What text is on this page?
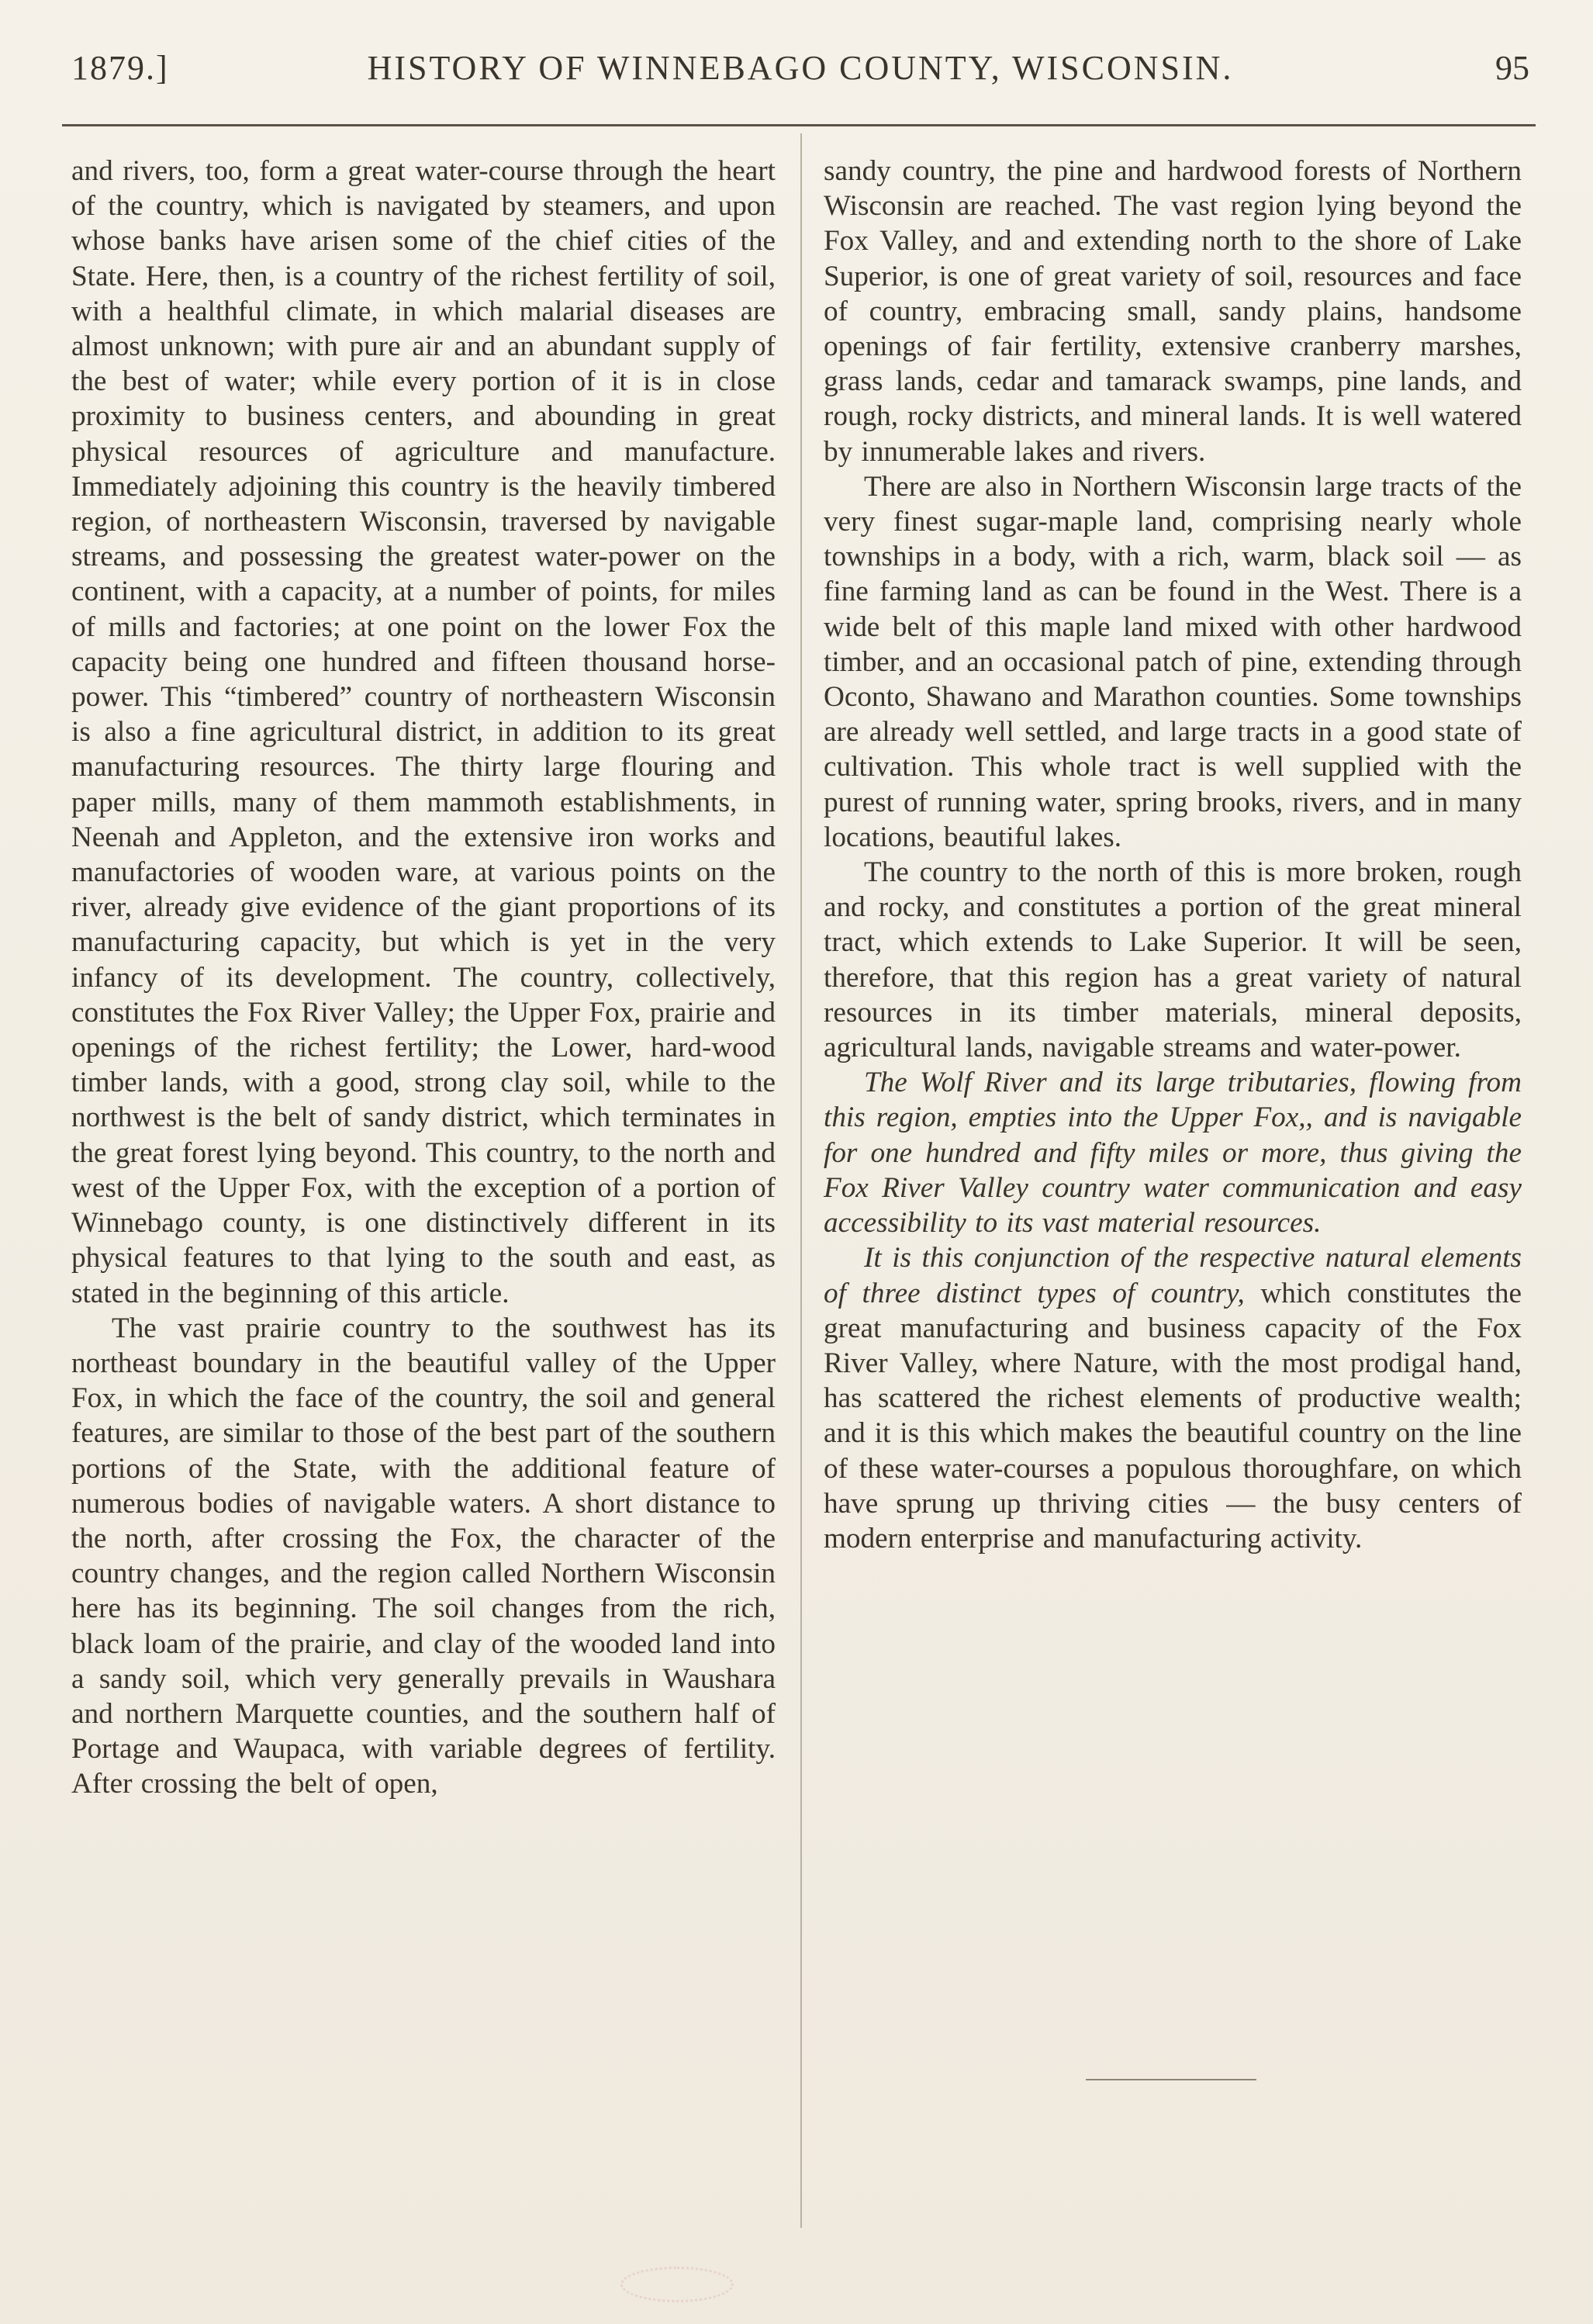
1879.]	HISTORY OF WINNEBAGO COUNTY, WISCONSIN.	95

and rivers, too, form a great water-course through the heart of the country, which is navigated by steamers, and upon whose banks have arisen some of the chief cities of the State. Here, then, is a country of the richest fertility of soil, with a healthful climate, in which malarial diseases are almost unknown; with pure air and an abundant supply of the best of water; while every portion of it is in close proximity to business centers, and abounding in great physical resources of agriculture and manufacture. Immediately adjoining this country is the heavily timbered region, of northeastern Wisconsin, traversed by navigable streams, and possessing the greatest water-power on the continent, with a capacity, at a number of points, for miles of mills and factories; at one point on the lower Fox the capacity being one hundred and fifteen thousand horse-power. This “timbered” country of northeastern Wisconsin is also a fine agricultural district, in addition to its great manufacturing resources. The thirty large flouring and paper mills, many of them mammoth establishments, in Neenah and Appleton, and the extensive iron works and manufactories of wooden ware, at various points on the river, already give evidence of the giant proportions of its manufacturing capacity, but which is yet in the very infancy of its development. The country, collectively, constitutes the Fox River Valley; the Upper Fox, prairie and openings of the richest fertility; the Lower, hard-wood timber lands, with a good, strong clay soil, while to the northwest is the belt of sandy district, which terminates in the great forest lying beyond. This country, to the north and west of the Upper Fox, with the exception of a portion of Winnebago county, is one distinctively different in its physical features to that lying to the south and east, as stated in the beginning of this article.

The vast prairie country to the southwest has its northeast boundary in the beautiful valley of the Upper Fox, in which the face of the country, the soil and general features, are similar to those of the best part of the southern portions of the State, with the additional feature of numerous bodies of navigable waters. A short distance to the north, after crossing the Fox, the character of the country changes, and the region called Northern Wisconsin here has its beginning. The soil changes from the rich, black loam of the prairie, and clay of the wooded land into a sandy soil, which very generally prevails in Waushara and northern Marquette counties, and the southern half of Portage and Waupaca, with variable degrees of fertility. After crossing the belt of open,

sandy country, the pine and hardwood forests of Northern Wisconsin are reached. The vast region lying beyond the Fox Valley, and and extending north to the shore of Lake Superior, is one of great variety of soil, resources and face of country, embracing small, sandy plains, handsome openings of fair fertility, extensive cranberry marshes, grass lands, cedar and tamarack swamps, pine lands, and rough, rocky districts, and mineral lands. It is well watered by innumerable lakes and rivers.

There are also in Northern Wisconsin large tracts of the very finest sugar-maple land, comprising nearly whole townships in a body, with a rich, warm, black soil — as fine farming land as can be found in the West. There is a wide belt of this maple land mixed with other hardwood timber, and an occasional patch of pine, extending through Oconto, Shawano and Marathon counties. Some townships are already well settled, and large tracts in a good state of cultivation. This whole tract is well supplied with the purest of running water, spring brooks, rivers, and in many locations, beautiful lakes.

The country to the north of this is more broken, rough and rocky, and constitutes a portion of the great mineral tract, which extends to Lake Superior. It will be seen, therefore, that this region has a great variety of natural resources in its timber materials, mineral deposits, agricultural lands, navigable streams and water-power.

The Wolf River and its large tributaries, flowing from this region, empties into the Upper Fox,, and is navigable for one hundred and fifty miles or more, thus giving the Fox River Valley country water communication and easy accessibility to its vast material resources.

It is this conjunction of the respective natural elements of three distinct types of country, which constitutes the great manufacturing and business capacity of the Fox River Valley, where Nature, with the most prodigal hand, has scattered the richest elements of productive wealth; and it is this which makes the beautiful country on the line of these water-courses a populous thoroughfare, on which have sprung up thriving cities — the busy centers of modern enterprise and manufacturing activity.
